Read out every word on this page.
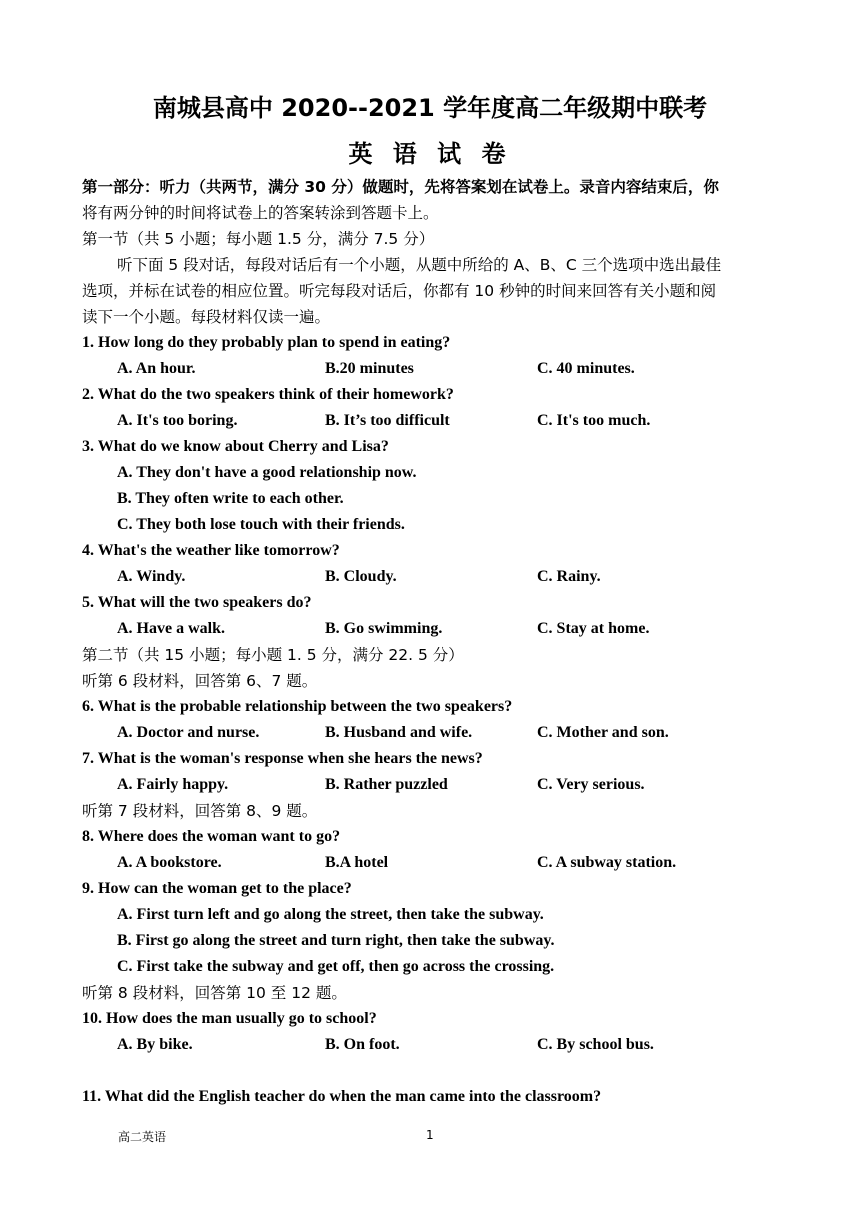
南城县高中 2020--2021 学年度高二年级期中联考
英 语 试 卷
第一部分：听力（共两节，满分 30 分）做题时，先将答案划在试卷上。录音内容结束后，你
将有两分钟的时间将试卷上的答案转涂到答题卡上。
第一节（共 5 小题；每小题 1.5 分，满分 7.5 分）
听下面 5 段对话，每段对话后有一个小题，从题中所给的 A、B、C 三个选项中选出最佳
选项，并标在试卷的相应位置。听完每段对话后，你都有 10 秒钟的时间来回答有关小题和阅
读下一个小题。每段材料仅读一遍。
1. How long do they probably plan to spend in eating?
A. An hour.	B.20 minutes	C. 40 minutes.
2. What do the two speakers think of their homework?
A. It's too boring.	B. It’s too difficult	C. It's too much.
3. What do we know about Cherry and Lisa?
A. They don't have a good relationship now.
B. They often write to each other.
C. They both lose touch with their friends.
4. What's the weather like tomorrow?
A. Windy.	B. Cloudy.	C. Rainy.
5. What will the two speakers do?
A. Have a walk.	B. Go swimming.	C. Stay at home.
第二节（共 15 小题；每小题 1. 5 分，满分 22. 5 分）
听第 6 段材料，回答第 6、7 题。
6. What is the probable relationship between the two speakers?
A. Doctor and nurse.	B. Husband and wife.	C. Mother and son.
7. What is the woman's response when she hears the news?
A. Fairly happy.	B. Rather puzzled	C. Very serious.
听第 7 段材料，回答第 8、9 题。
8. Where does the woman want to go?
A. A bookstore.	B.A hotel	C. A subway station.
9. How can the woman get to the place?
A. First turn left and go along the street, then take the subway.
B. First go along the street and turn right, then take the subway.
C. First take the subway and get off, then go across the crossing.
听第 8 段材料，回答第 10 至 12 题。
10. How does the man usually go to school?
A. By bike.	B. On foot.	C. By school bus.
11. What did the English teacher do when the man came into the classroom?
高二英语	1
